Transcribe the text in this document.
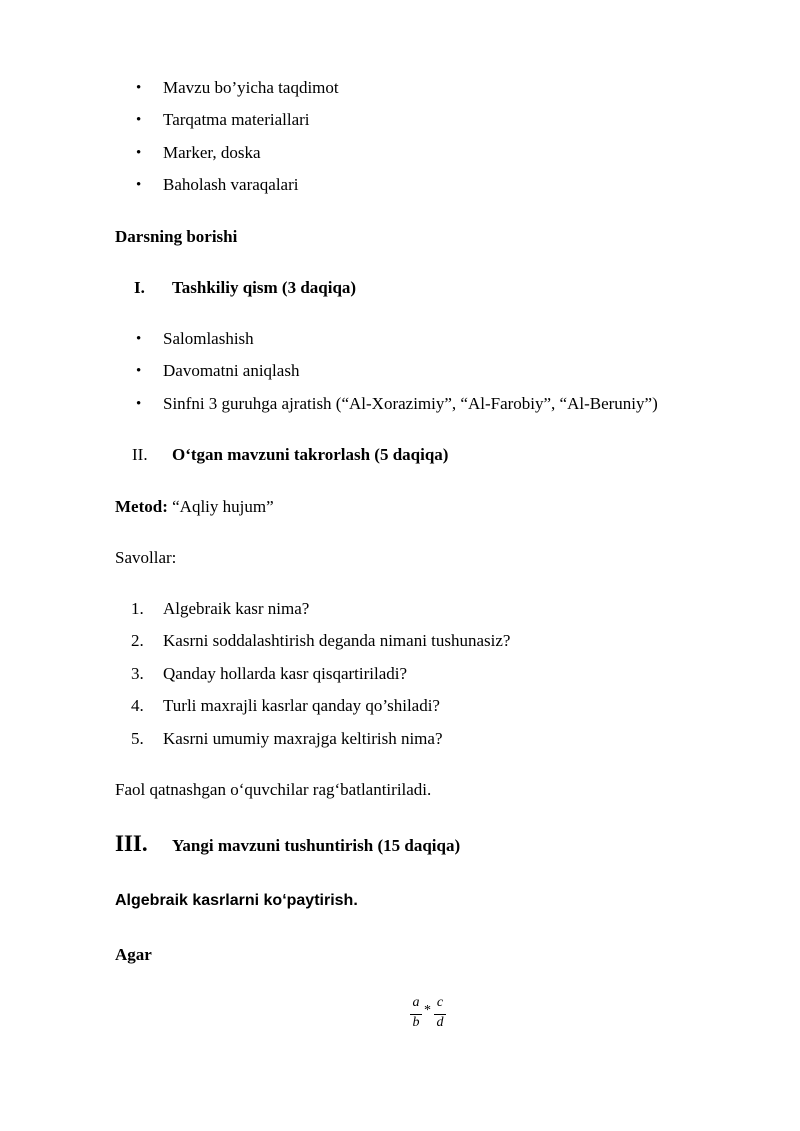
• Mavzu bo’yicha taqdimot
• Tarqatma materiallari
• Marker, doska
• Baholash varaqalari
Darsning borishi
I. Tashkiliy qism (3 daqiqa)
• Salomlashish
• Davomatni aniqlash
• Sinfni 3 guruhga ajratish (“Al-Xorazimiy”, “Al-Farobiy”, “Al-Beruniy”)
II. O‘tgan mavzuni takrorlash (5 daqiqa)
Metod: “Aqliy hujum”
Savollar:
1. Algebraik kasr nima?
2. Kasrni soddalashtirish deganda nimani tushunasiz?
3. Qanday hollarda kasr qisqartiriladi?
4. Turli maxrajli kasrlar qanday qo’shiladi?
5. Kasrni umumiy maxrajga keltirish nima?
Faol qatnashgan o‘quvchilar rag‘batlantiriladi.
III. Yangi mavzuni tushuntirish (15 daqiqa)
Algebraik kasrlarni ko‘paytirish.
Agar
a
b
*
c
d
